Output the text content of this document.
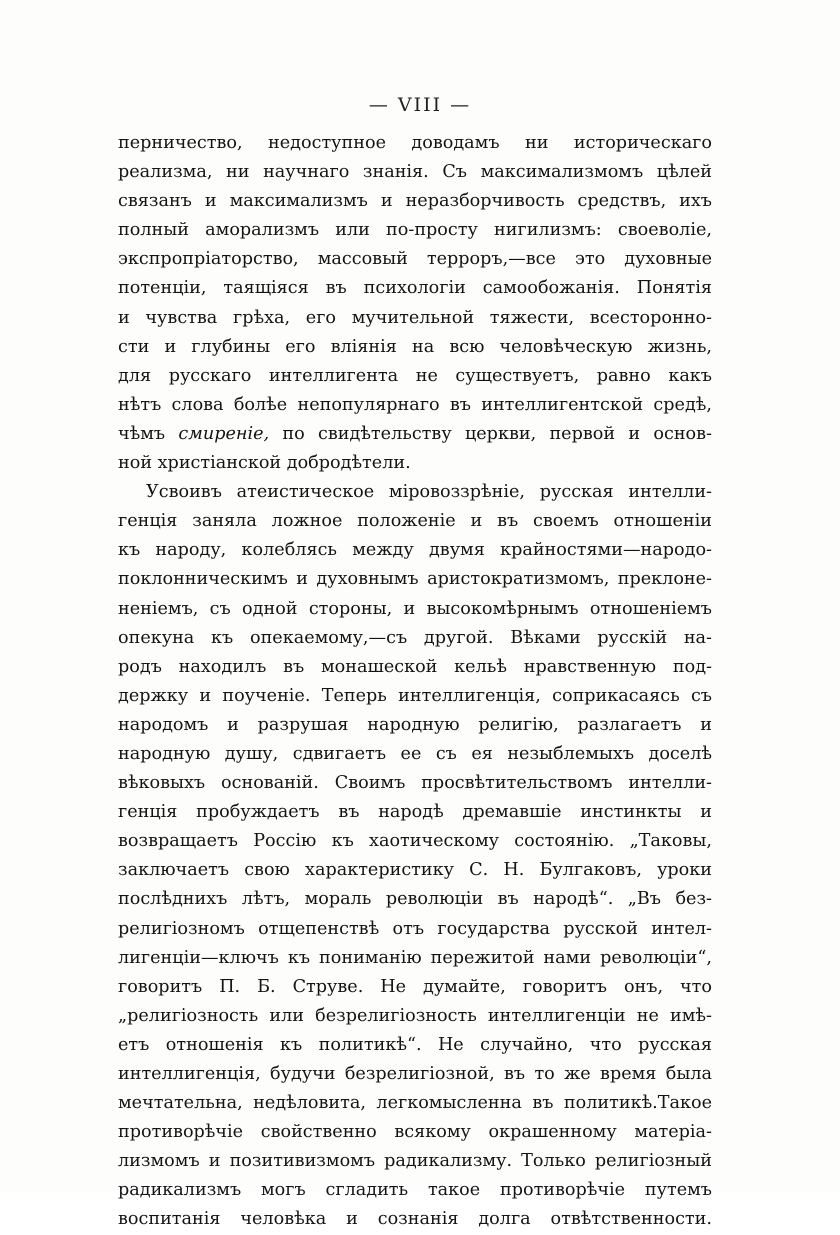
— VIII —
перничество, недоступное доводамъ ни историческаго
реализма, ни научнаго знанія. Съ максимализмомъ цѣлей
связанъ и максимализмъ и неразборчивость средствъ, ихъ
полный аморализмъ или по-просту нигилизмъ: своеволіе,
экспропріаторство, массовый терроръ,—все это духовные
потенціи, таящіяся въ психологіи самообожанія. Понятія
и чувства грѣха, его мучительной тяжести, всесторонно-
сти и глубины его вліянія на всю человѣческую жизнь,
для русскаго интеллигента не существуетъ, равно какъ
нѣтъ слова болѣе непопулярнаго въ интеллигентской средѣ,
чѣмъ смиреніе, по свидѣтельству церкви, первой и основ-
ной христіанской добродѣтели.
Усвоивъ атеистическое міровоззрѣніе, русская интелли-
генція заняла ложное положеніе и въ своемъ отношеніи
къ народу, колеблясь между двумя крайностями—народо-
поклонническимъ и духовнымъ аристократизмомъ, преклоне-
неніемъ, съ одной стороны, и высокомѣрнымъ отношеніемъ
опекуна къ опекаемому,—съ другой. Вѣками русскій на-
родъ находилъ въ монашеской кельѣ нравственную под-
держку и поученіе. Теперь интеллигенція, соприкасаясь съ
народомъ и разрушая народную религію, разлагаетъ и
народную душу, сдвигаетъ ее съ ея незыблемыхъ доселѣ
вѣковыхъ основаній. Своимъ просвѣтительствомъ интелли-
генція пробуждаетъ въ народѣ дремавшіе инстинкты и
возвращаетъ Россію къ хаотическому состоянію. „Таковы,
заключаетъ свою характеристику С. Н. Булгаковъ, уроки
послѣднихъ лѣтъ, мораль революціи въ народѣ“. „Въ без-
религіозномъ отщепенствѣ отъ государства русской интел-
лигенціи—ключъ къ пониманію пережитой нами революціи“,
говоритъ П. Б. Струве. Не думайте, говоритъ онъ, что
„религіозность или безрелигіозность интеллигенціи не имѣ-
етъ отношенія къ политикѣ“. Не случайно, что русская
интеллигенція, будучи безрелигіозной, въ то же время была
мечтательна, недѣловита, легкомысленна въ политикѣ.Такое
противорѣчіе свойственно всякому окрашенному матеріа-
лизмомъ и позитивизмомъ радикализму. Только религіозный
радикализмъ могъ сгладить такое противорѣчіе путемъ
воспитанія человѣка и сознанія долга отвѣтственности.
